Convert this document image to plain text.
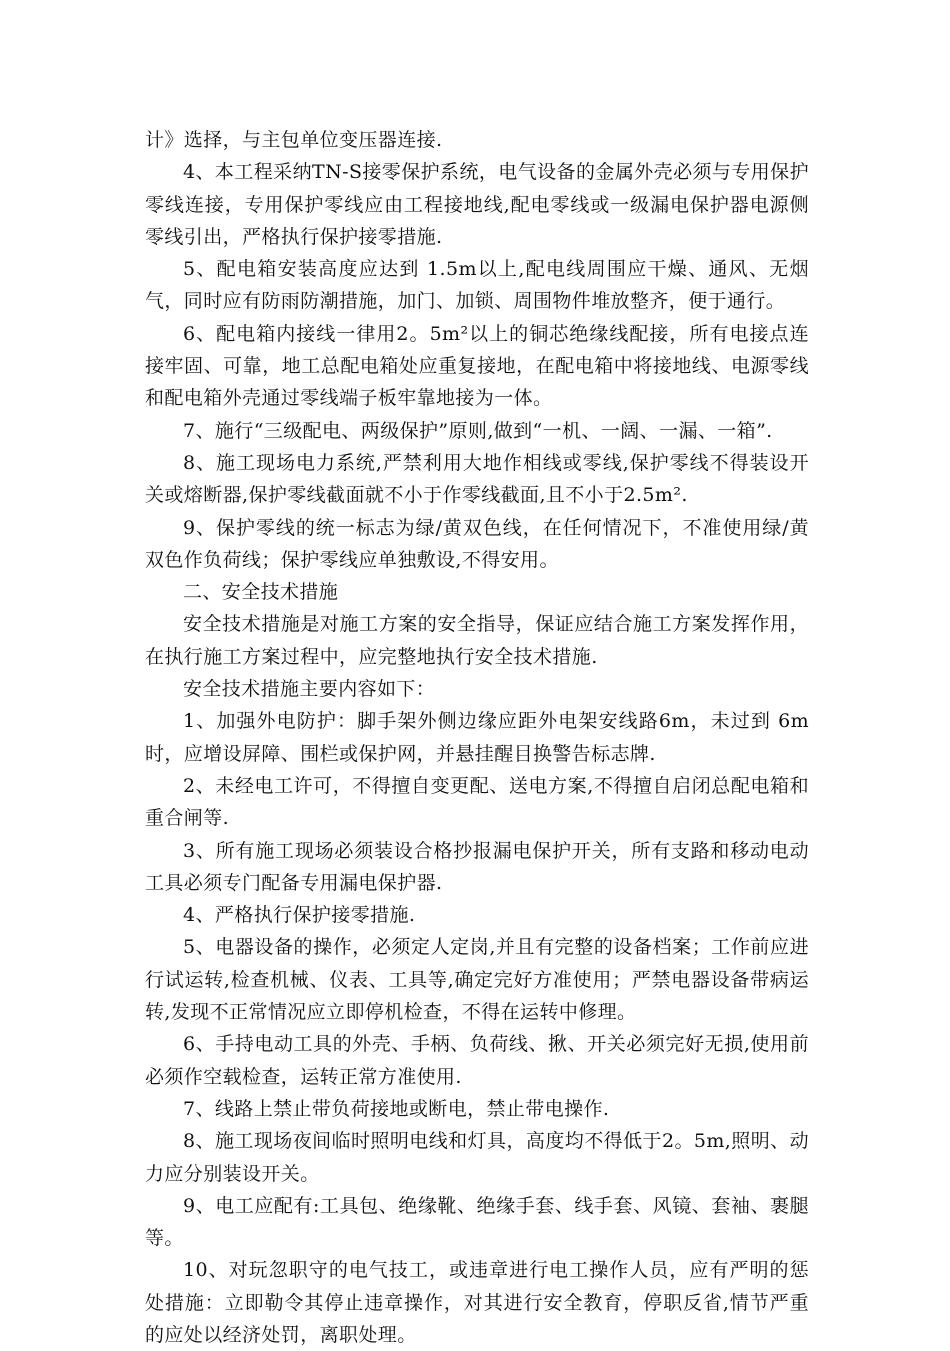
计》选择，与主包单位变压器连接.

4、本工程采纳TN-S接零保护系统，电气设备的金属外壳必须与专用保护零线连接，专用保护零线应由工程接地线,配电零线或一级漏电保护器电源侧零线引出，严格执行保护接零措施.

5、配电箱安装高度应达到 1.5m以上,配电线周围应干燥、通风、无烟气，同时应有防雨防潮措施，加门、加锁、周围物件堆放整齐，便于通行。

6、配电箱内接线一律用2。5m²以上的铜芯绝缘线配接，所有电接点连接牢固、可靠，地工总配电箱处应重复接地，在配电箱中将接地线、电源零线和配电箱外壳通过零线端子板牢靠地接为一体。

7、施行“三级配电、两级保护”原则,做到“一机、一阔、一漏、一箱”.

8、施工现场电力系统,严禁利用大地作相线或零线,保护零线不得装设开关或熔断器,保护零线截面就不小于作零线截面,且不小于2.5m².

9、保护零线的统一标志为绿/黄双色线，在任何情况下，不准使用绿/黄双色作负荷线；保护零线应单独敷设,不得安用。

二、安全技术措施

安全技术措施是对施工方案的安全指导，保证应结合施工方案发挥作用，在执行施工方案过程中，应完整地执行安全技术措施.

安全技术措施主要内容如下：

1、加强外电防护：脚手架外侧边缘应距外电架安线路6m，未过到 6m时，应增设屏障、围栏或保护网，并悬挂醒目换警告标志牌.

2、未经电工许可，不得擅自变更配、送电方案,不得擅自启闭总配电箱和重合闸等.

3、所有施工现场必须装设合格抄报漏电保护开关，所有支路和移动电动工具必须专门配备专用漏电保护器.

4、严格执行保护接零措施.

5、电器设备的操作，必须定人定岗,并且有完整的设备档案；工作前应进行试运转,检查机械、仪表、工具等,确定完好方准使用；严禁电器设备带病运转,发现不正常情况应立即停机检查，不得在运转中修理。

6、手持电动工具的外壳、手柄、负荷线、揪、开关必须完好无损,使用前必须作空载检查，运转正常方准使用.

7、线路上禁止带负荷接地或断电，禁止带电操作.

8、施工现场夜间临时照明电线和灯具，高度均不得低于2。5m,照明、动力应分别装设开关。

9、电工应配有:工具包、绝缘靴、绝缘手套、线手套、风镜、套袖、裹腿等。

10、对玩忽职守的电气技工，或违章进行电工操作人员，应有严明的惩处措施：立即勒令其停止违章操作，对其进行安全教育，停职反省,情节严重的应处以经济处罚，离职处理。
